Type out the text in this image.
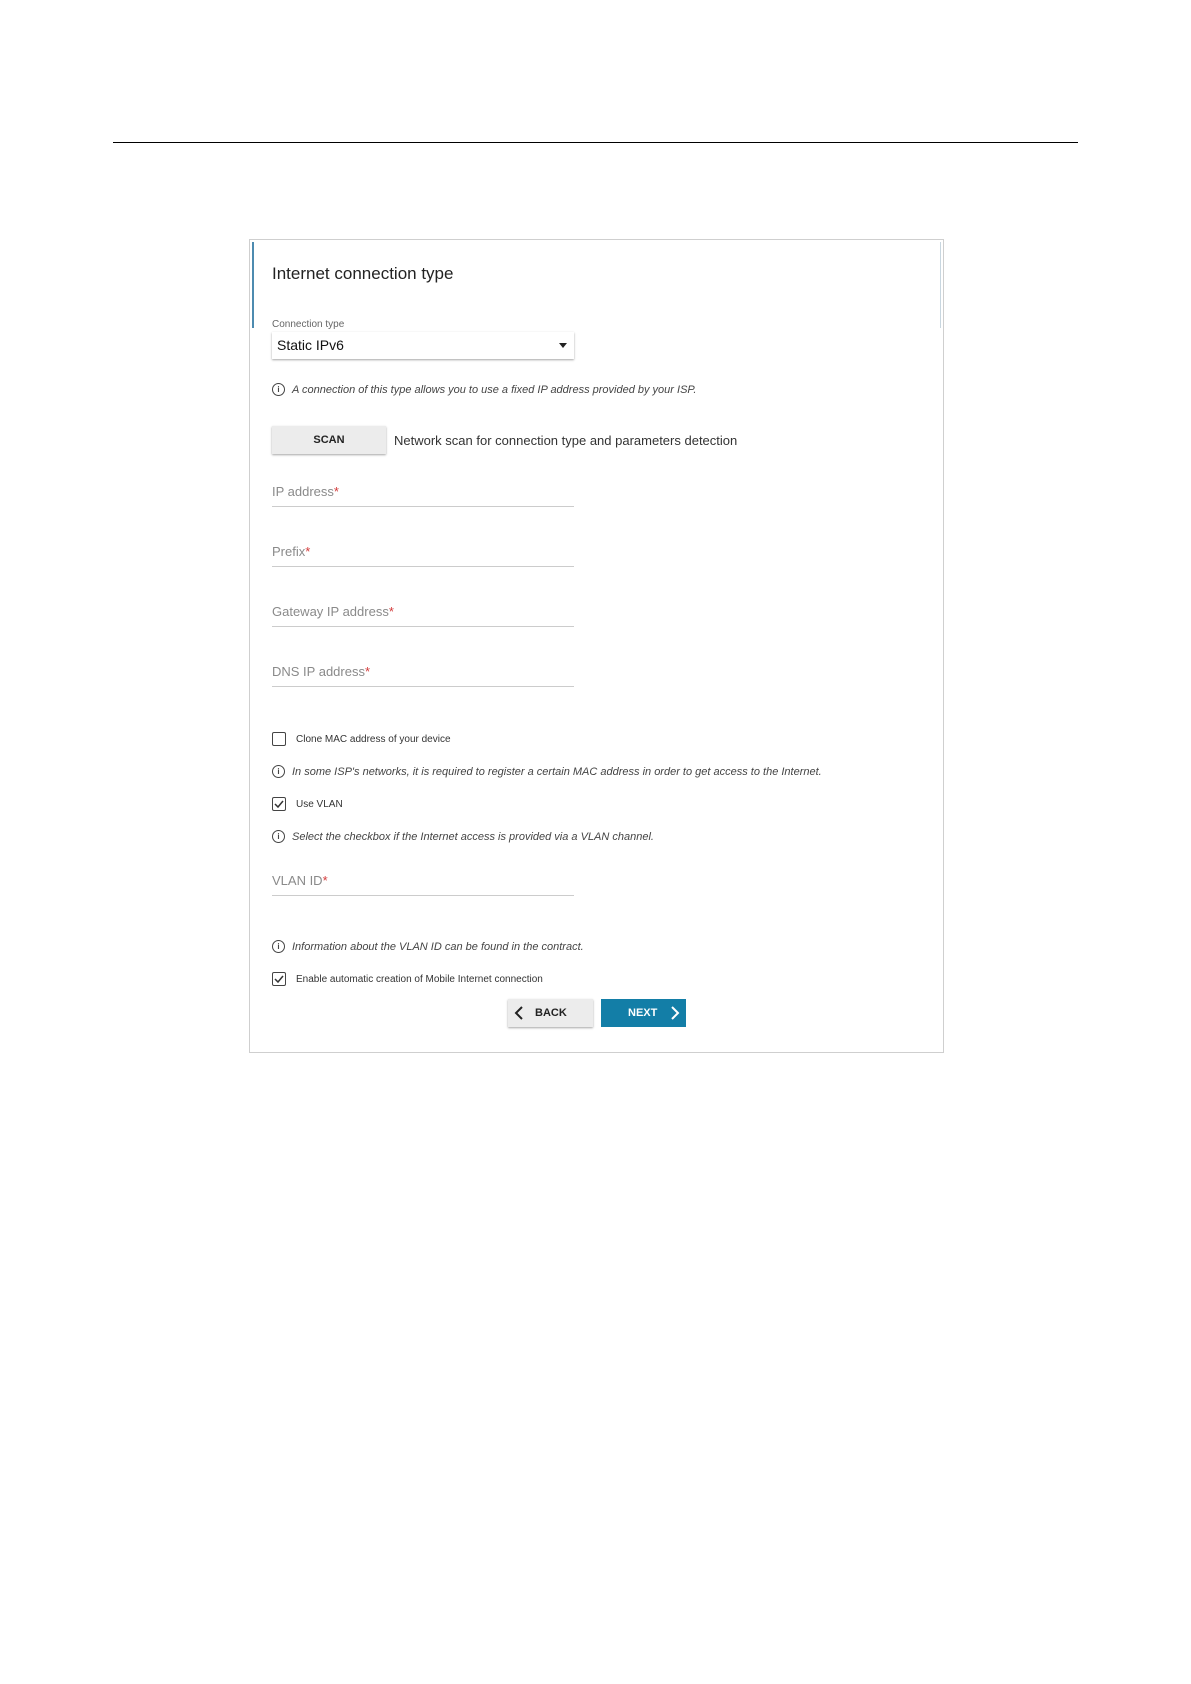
Internet connection type
Connection type
Static IPv6
i	A connection of this type allows you to use a fixed IP address provided by your ISP.
SCAN	Network scan for connection type and parameters detection
IP address*
Prefix*
Gateway IP address*
DNS IP address*
Clone MAC address of your device
i	In some ISP's networks, it is required to register a certain MAC address in order to get access to the Internet.
Use VLAN
i	Select the checkbox if the Internet access is provided via a VLAN channel.
VLAN ID*
i	Information about the VLAN ID can be found in the contract.
Enable automatic creation of Mobile Internet connection
BACK	NEXT
